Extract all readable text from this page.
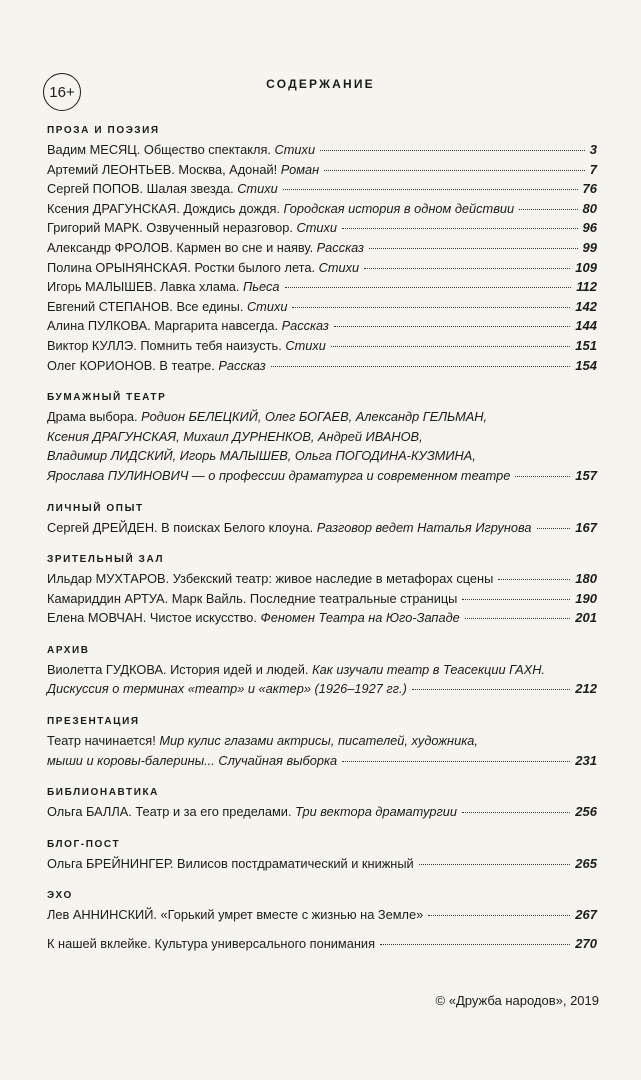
16+	СОДЕРЖАНИЕ
ПРОЗА И ПОЭЗИЯ
Вадим МЕСЯЦ. Общество спектакля. Стихи	3
Артемий ЛЕОНТЬЕВ. Москва, Адонай! Роман	7
Сергей ПОПОВ. Шалая звезда. Стихи	76
Ксения ДРАГУНСКАЯ. Дождись дождя. Городская история в одном действии	80
Григорий МАРК. Озвученный неразговор. Стихи	96
Александр ФРОЛОВ. Кармен во сне и наяву. Рассказ	99
Полина ОРЫНЯНСКАЯ. Ростки былого лета. Стихи	109
Игорь МАЛЫШЕВ. Лавка хлама. Пьеса	112
Евгений СТЕПАНОВ. Все едины. Стихи	142
Алина ПУЛКОВА. Маргарита навсегда. Рассказ	144
Виктор КУЛЛЭ. Помнить тебя наизусть. Стихи	151
Олег КОРИОНОВ. В театре. Рассказ	154
БУМАЖНЫЙ ТЕАТР
Драма выбора. Родион БЕЛЕЦКИЙ, Олег БОГАЕВ, Александр ГЕЛЬМАН,
Ксения ДРАГУНСКАЯ, Михаил ДУРНЕНКОВ, Андрей ИВАНОВ,
Владимир ЛИДСКИЙ, Игорь МАЛЫШЕВ, Ольга ПОГОДИНА-КУЗМИНА,
Ярослава ПУЛИНОВИЧ — о профессии драматурга и современном театре	157
ЛИЧНЫЙ ОПЫТ
Сергей ДРЕЙДЕН. В поисках Белого клоуна. Разговор ведет Наталья Игрунова	167
ЗРИТЕЛЬНЫЙ ЗАЛ
Ильдар МУХТАРОВ. Узбекский театр: живое наследие в метафорах сцены	180
Камариддин АРТУА. Марк Вайль. Последние театральные страницы	190
Елена МОВЧАН. Чистое искусство. Феномен Театра на Юго-Западе	201
АРХИВ
Виолетта ГУДКОВА. История идей и людей. Как изучали театр в Теасекции ГАХН.
Дискуссия о терминах «театр» и «актер» (1926–1927 гг.)	212
ПРЕЗЕНТАЦИЯ
Театр начинается! Мир кулис глазами актрисы, писателей, художника,
мыши и коровы-балерины... Случайная выборка	231
БИБЛИОНАВТИКА
Ольга БАЛЛА. Театр и за его пределами. Три вектора драматургии	256
БЛОГ-ПОСТ
Ольга БРЕЙНИНГЕР. Вилисов постдраматический и книжный	265
ЭХО
Лев АННИНСКИЙ. «Горький умрет вместе с жизнью на Земле»	267
К нашей вклейке. Культура универсального понимания	270
© «Дружба народов», 2019
